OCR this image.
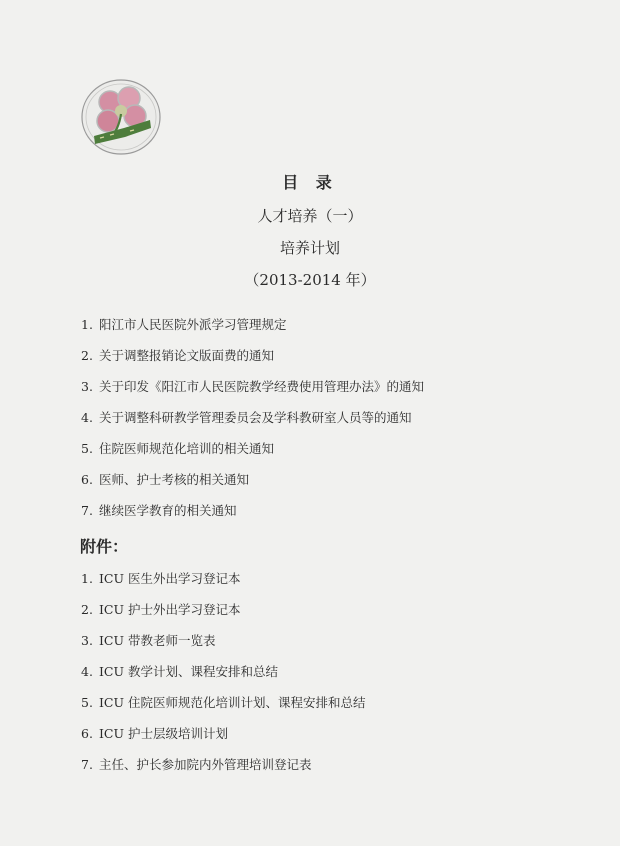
目 录
人才培养（一）
培养计划
（2013-2014 年）
1. 阳江市人民医院外派学习管理规定
2. 关于调整报销论文版面费的通知
3. 关于印发《阳江市人民医院教学经费使用管理办法》的通知
4. 关于调整科研教学管理委员会及学科教研室人员等的通知
5. 住院医师规范化培训的相关通知
6. 医师、护士考核的相关通知
7. 继续医学教育的相关通知
附件：
1. ICU 医生外出学习登记本
2. ICU 护士外出学习登记本
3. ICU 带教老师一览表
4. ICU 教学计划、课程安排和总结
5. ICU 住院医师规范化培训计划、课程安排和总结
6. ICU 护士层级培训计划
7. 主任、护长参加院内外管理培训登记表
